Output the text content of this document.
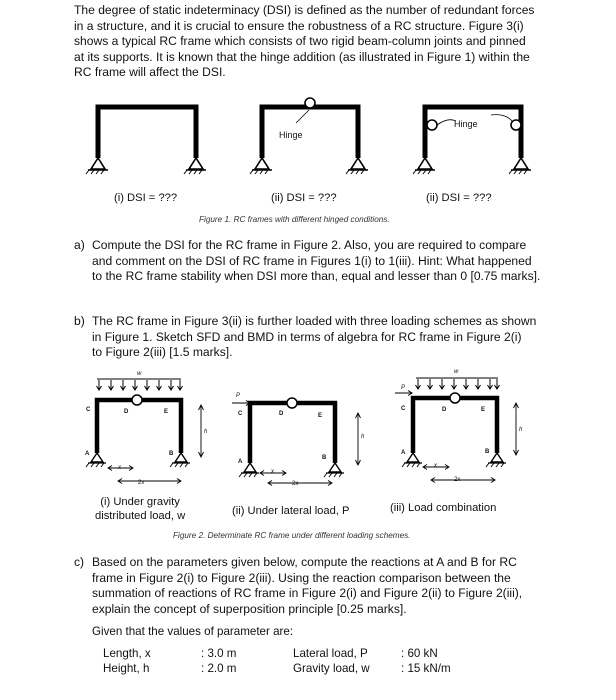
The degree of static indeterminacy (DSI) is defined as the number of redundant forces
in a structure, and it is crucial to ensure the robustness of a RC structure. Figure 3(i)
shows a typical RC frame which consists of two rigid beam-column joints and pinned
at its supports. It is known that the hinge addition (as illustrated in Figure 1) within the
RC frame will affect the DSI.
Hinge
Hinge
(i) DSI = ???	(ii) DSI = ???	(ii) DSI = ???
Figure 1. RC frames with different hinged conditions.
a) Compute the DSI for the RC frame in Figure 2. Also, you are required to compare
and comment on the DSI of RC frame in Figures 1(i) to 1(iii). Hint: What happened
to the RC frame stability when DSI more than, equal and lesser than 0 [0.75 marks].
b) The RC frame in Figure 3(ii) is further loaded with three loading schemes as shown
in Figure 1. Sketch SFD and BMD in terms of algebra for RC frame in Figure 2(i)
to Figure 2(iii) [1.5 marks].
w
C	D	E
A	B
h
x
2x
P
C	D	E
A
B
h
x
2x
P
w
C	D	E
A	B
h
x
2x
(i) Under gravity
distributed load, w	(ii) Under lateral load, P	(iii) Load combination
Figure 2. Determinate RC frame under different loading schemes.
c) Based on the parameters given below, compute the reactions at A and B for RC
frame in Figure 2(i) to Figure 2(iii). Using the reaction comparison between the
summation of reactions of RC frame in Figure 2(i) and Figure 2(ii) to Figure 2(iii),
explain the concept of superposition principle [0.25 marks].
Given that the values of parameter are:
Length, x	: 3.0 m	Lateral load, P	: 60 kN
Height, h	: 2.0 m	Gravity load, w	: 15 kN/m
